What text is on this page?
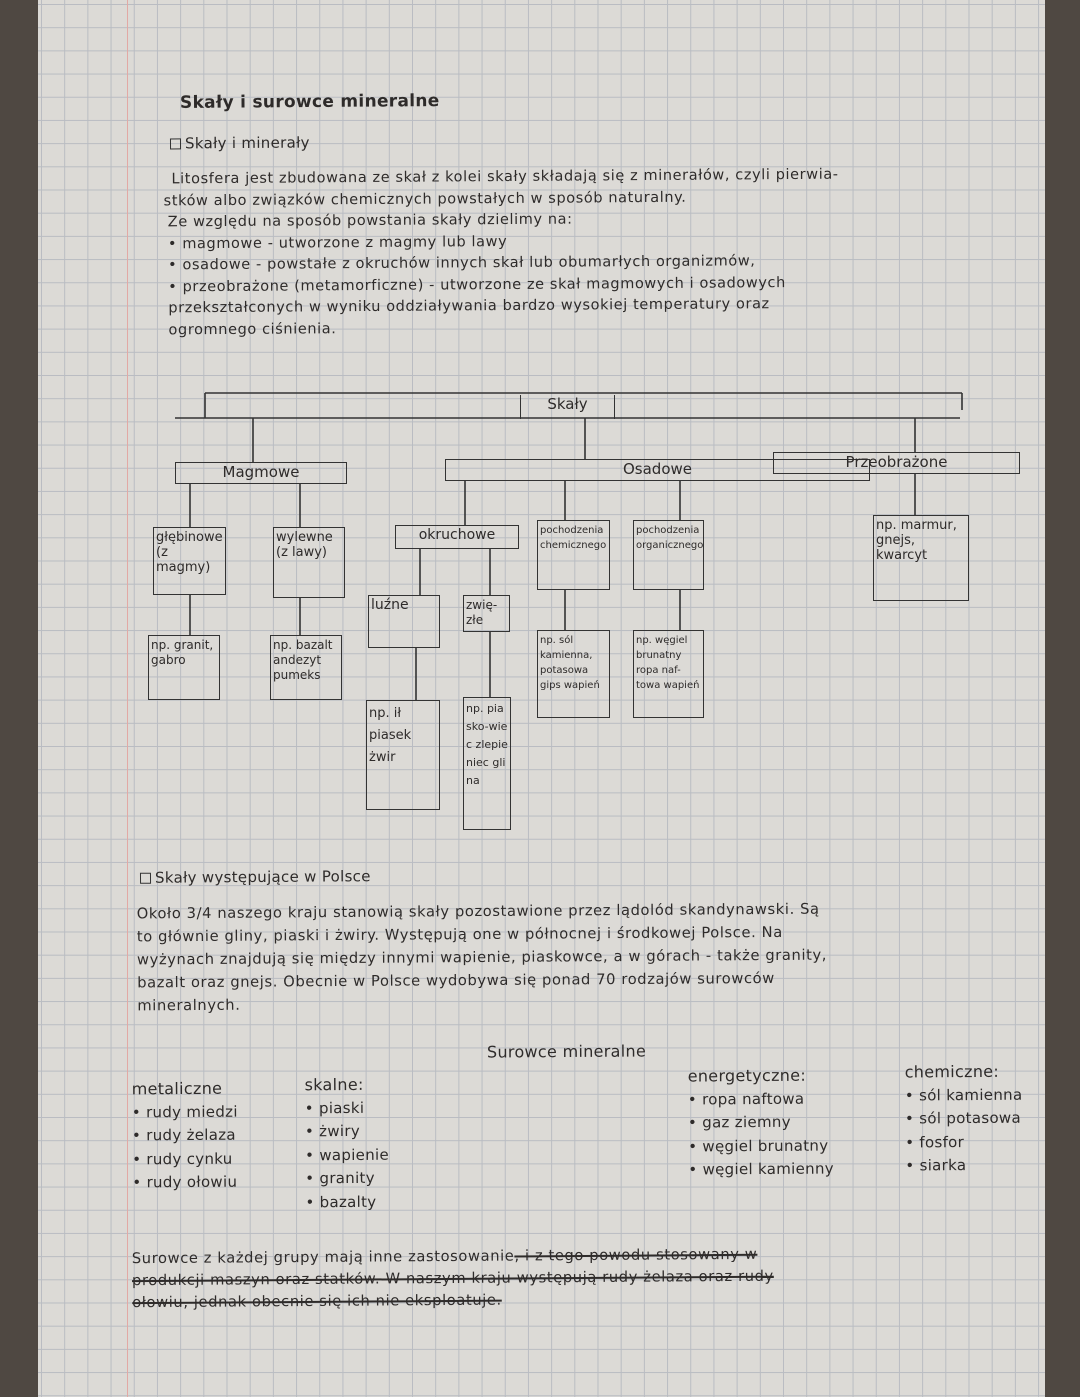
Skały i surowce mineralne
Skały i minerały
Litosfera jest zbudowana ze skał z kolei skały składają się z minerałów, czyli pierwia-
stków albo związków chemicznych powstałych w sposób naturalny.
Ze względu na sposób powstania skały dzielimy na:
• magmowe - utworzone z magmy lub lawy
• osadowe - powstałe z okruchów innych skał lub obumarłych organizmów,
• przeobrażone (metamorficzne) - utworzone ze skał magmowych i osadowych
przekształconych w wyniku oddziaływania bardzo wysokiej temperatury oraz
ogromnego ciśnienia.
Skały
Magmowe	Osadowe	Przeobrażone
głębinowe (z magmy)
wylewne (z lawy)
okruchowe	pochodzenia chemicznego
pochodzenia organicznego
np. marmur, gnejs, kwarcyt
luźne	zwię-złe
np. granit, gabro
np. bazalt andezyt pumeks
np. sól kamienna, potasowa gips wapień
np. węgiel brunatny ropa naf-towa wapień
np. ił piasek żwir
np. piasko-wiec zlepieniec glina
Skały występujące w Polsce
Około 3/4 naszego kraju stanowią skały pozostawione przez lądolód skandynawski. Są
to głównie gliny, piaski i żwiry. Występują one w północnej i środkowej Polsce. Na
wyżynach znajdują się między innymi wapienie, piaskowce, a w górach - także granity,
bazalt oraz gnejs. Obecnie w Polsce wydobywa się ponad 70 rodzajów surowców
mineralnych.
Surowce mineralne
metaliczne
• rudy miedzi
• rudy żelaza
• rudy cynku
• rudy ołowiu
skalne:
• piaski
• żwiry
• wapienie
• granity
• bazalty
energetyczne:
• ropa naftowa
• gaz ziemny
• węgiel brunatny
• węgiel kamienny
chemiczne:
• sól kamienna
• sól potasowa
• fosfor
• siarka
Surowce z każdej grupy mają inne zastosowanie, i z tego powodu stosowany w
produkcji maszyn oraz statków. W naszym kraju występują rudy żelaza oraz rudy
ołowiu, jednak obecnie się ich nie eksploatuje.
